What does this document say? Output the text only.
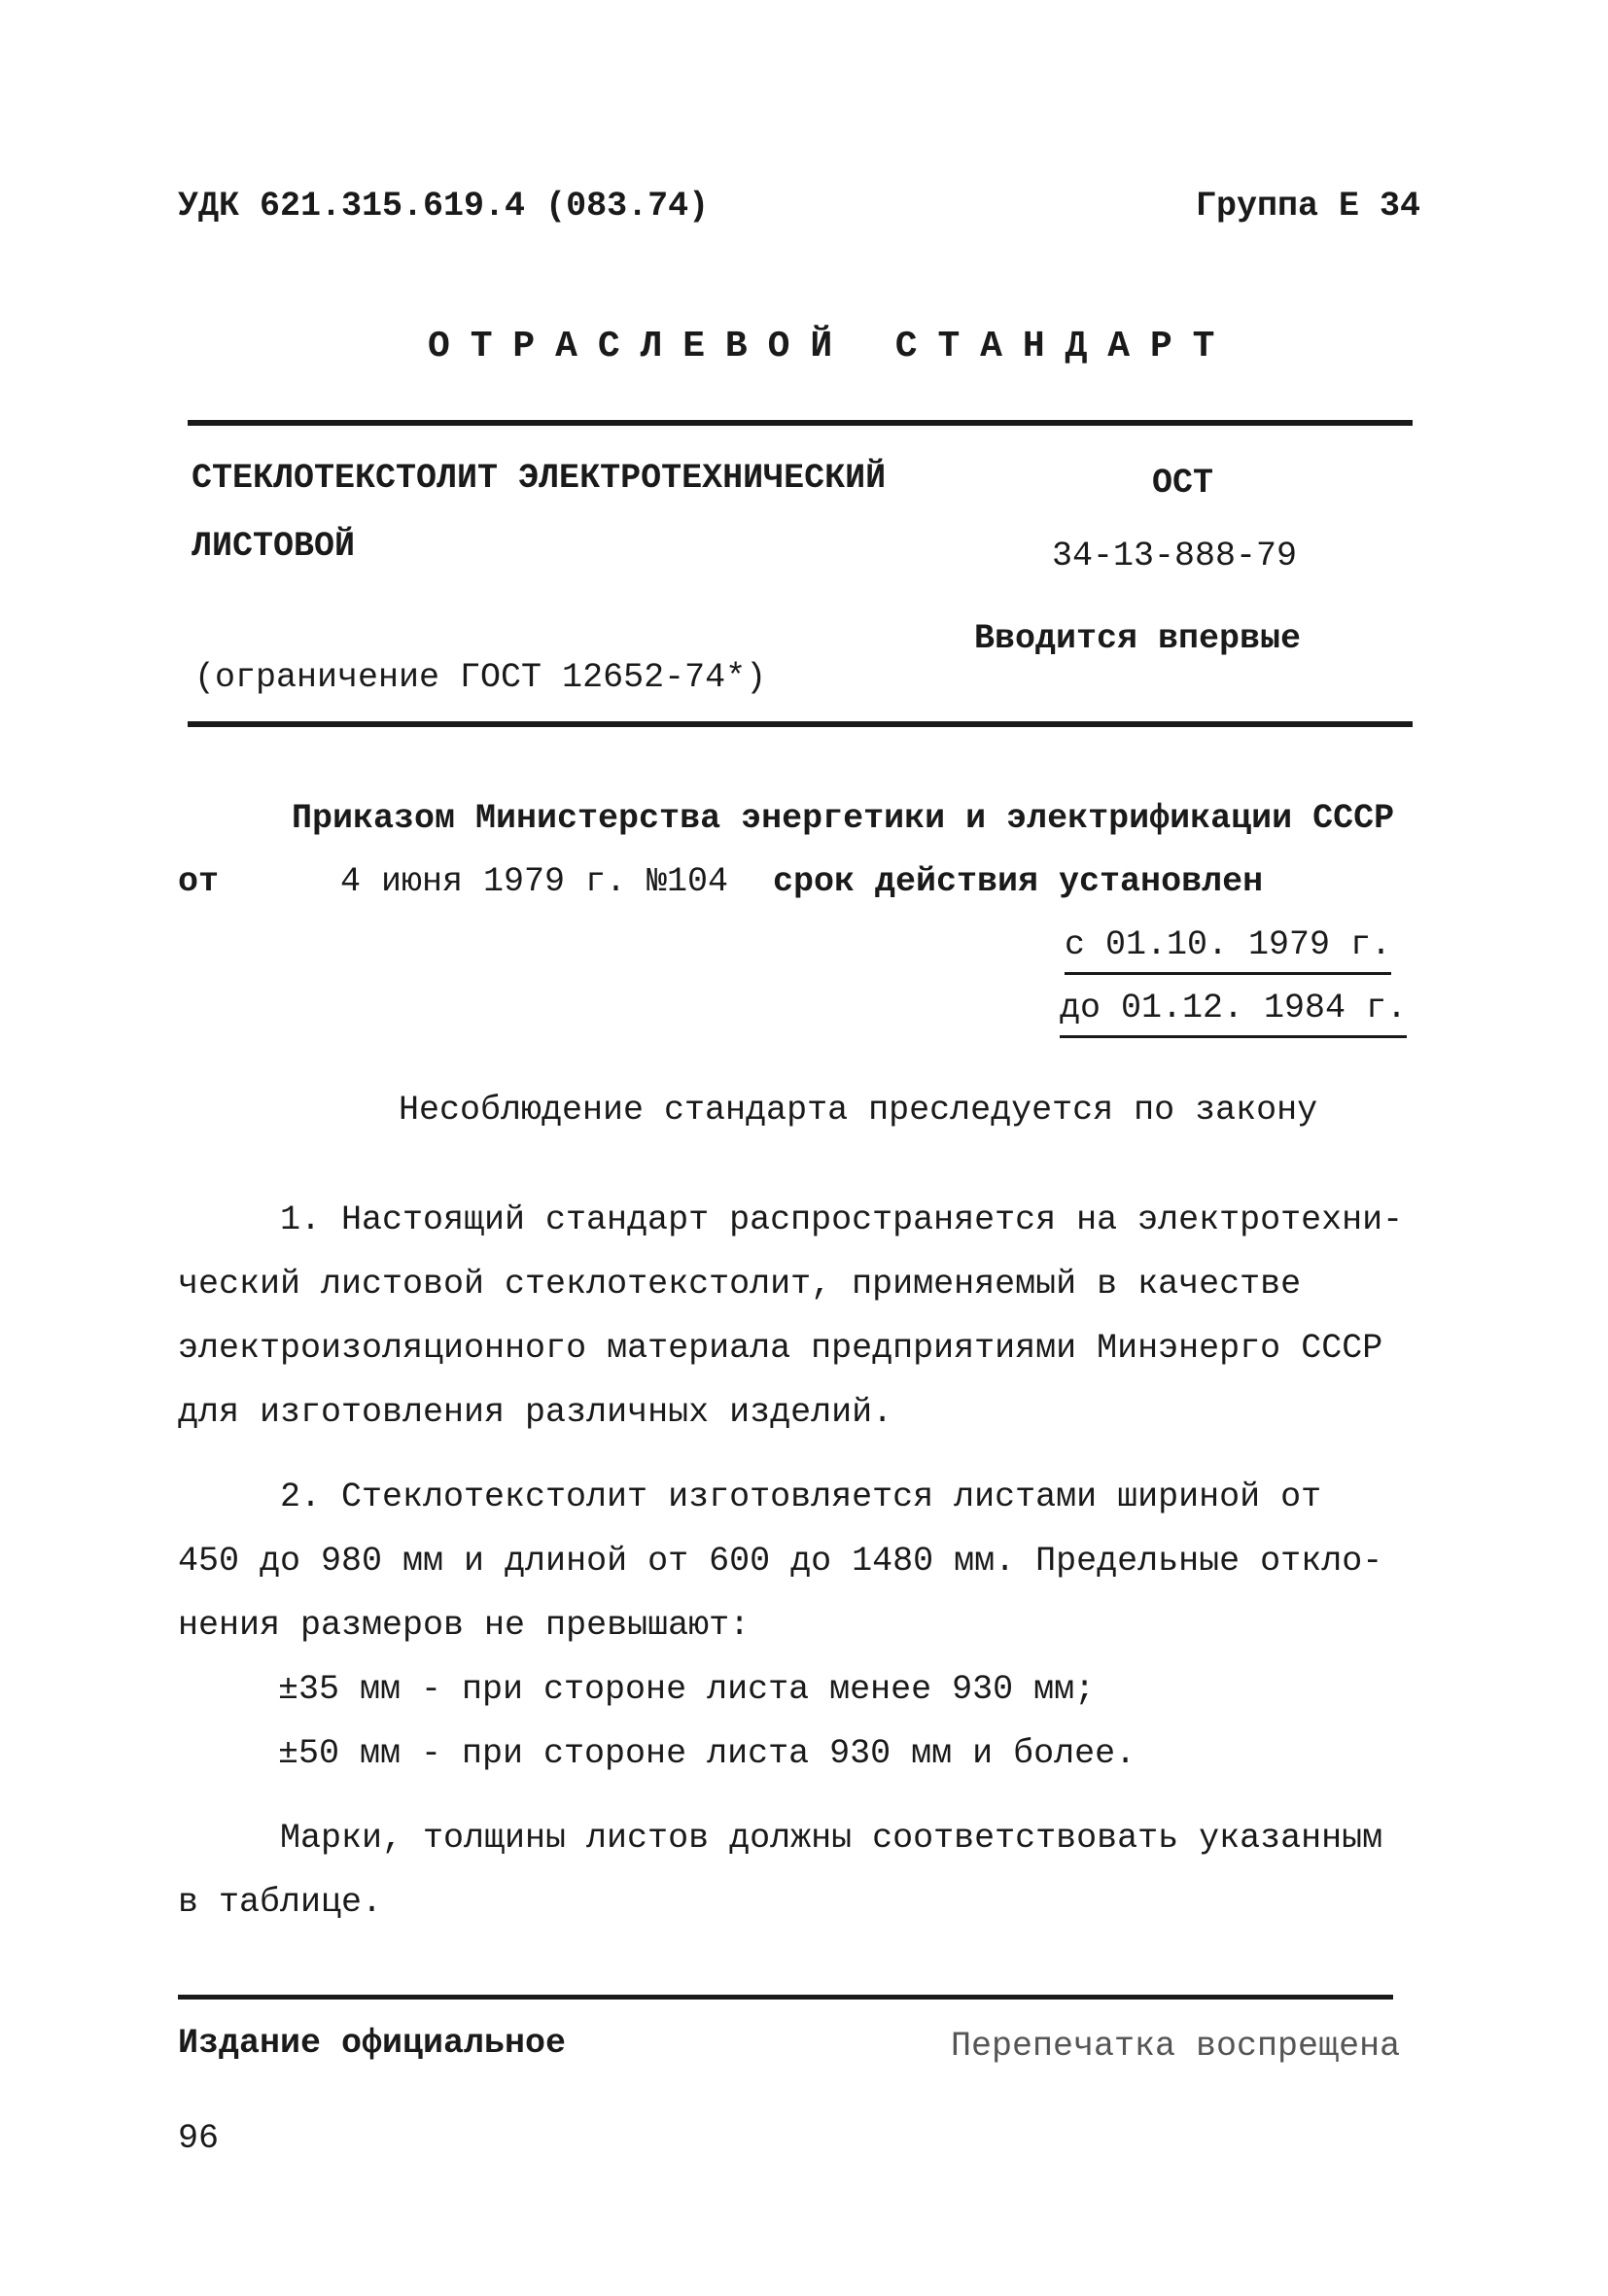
УДК 621.315.619.4 (083.74)	Группа Е 34
ОТРАСЛЕВОЙ СТАНДАРТ
СТЕКЛОТЕКСТОЛИТ ЭЛЕКТРОТЕХНИЧЕСКИЙ
ЛИСТОВОЙ
(ограничение ГОСТ 12652-74*)
ОСТ
34-13-888-79
Вводится впервые
Приказом Министерства энергетики и электрификации СССР
от	4 июня 1979 г. №104 срок действия установлен
с 01.10. 1979 г.
до 01.12. 1984 г.
Несоблюдение стандарта преследуется по закону

1. Настоящий стандарт распространяется на электротехни-

ческий листовой стеклотекстолит, применяемый в качестве

электроизоляционного материала предприятиями Минэнерго СССР

для изготовления различных изделий.

2. Стеклотекстолит изготовляется листами шириной от

450 до 980 мм и длиной от 600 до 1480 мм. Предельные откло-

нения размеров не превышают:

±35 мм - при стороне листа менее 930 мм;

±50 мм - при стороне листа 930 мм и более.

Марки, толщины листов должны соответствовать указанным

в таблице.

Издание официальное	Перепечатка воспрещена
96
